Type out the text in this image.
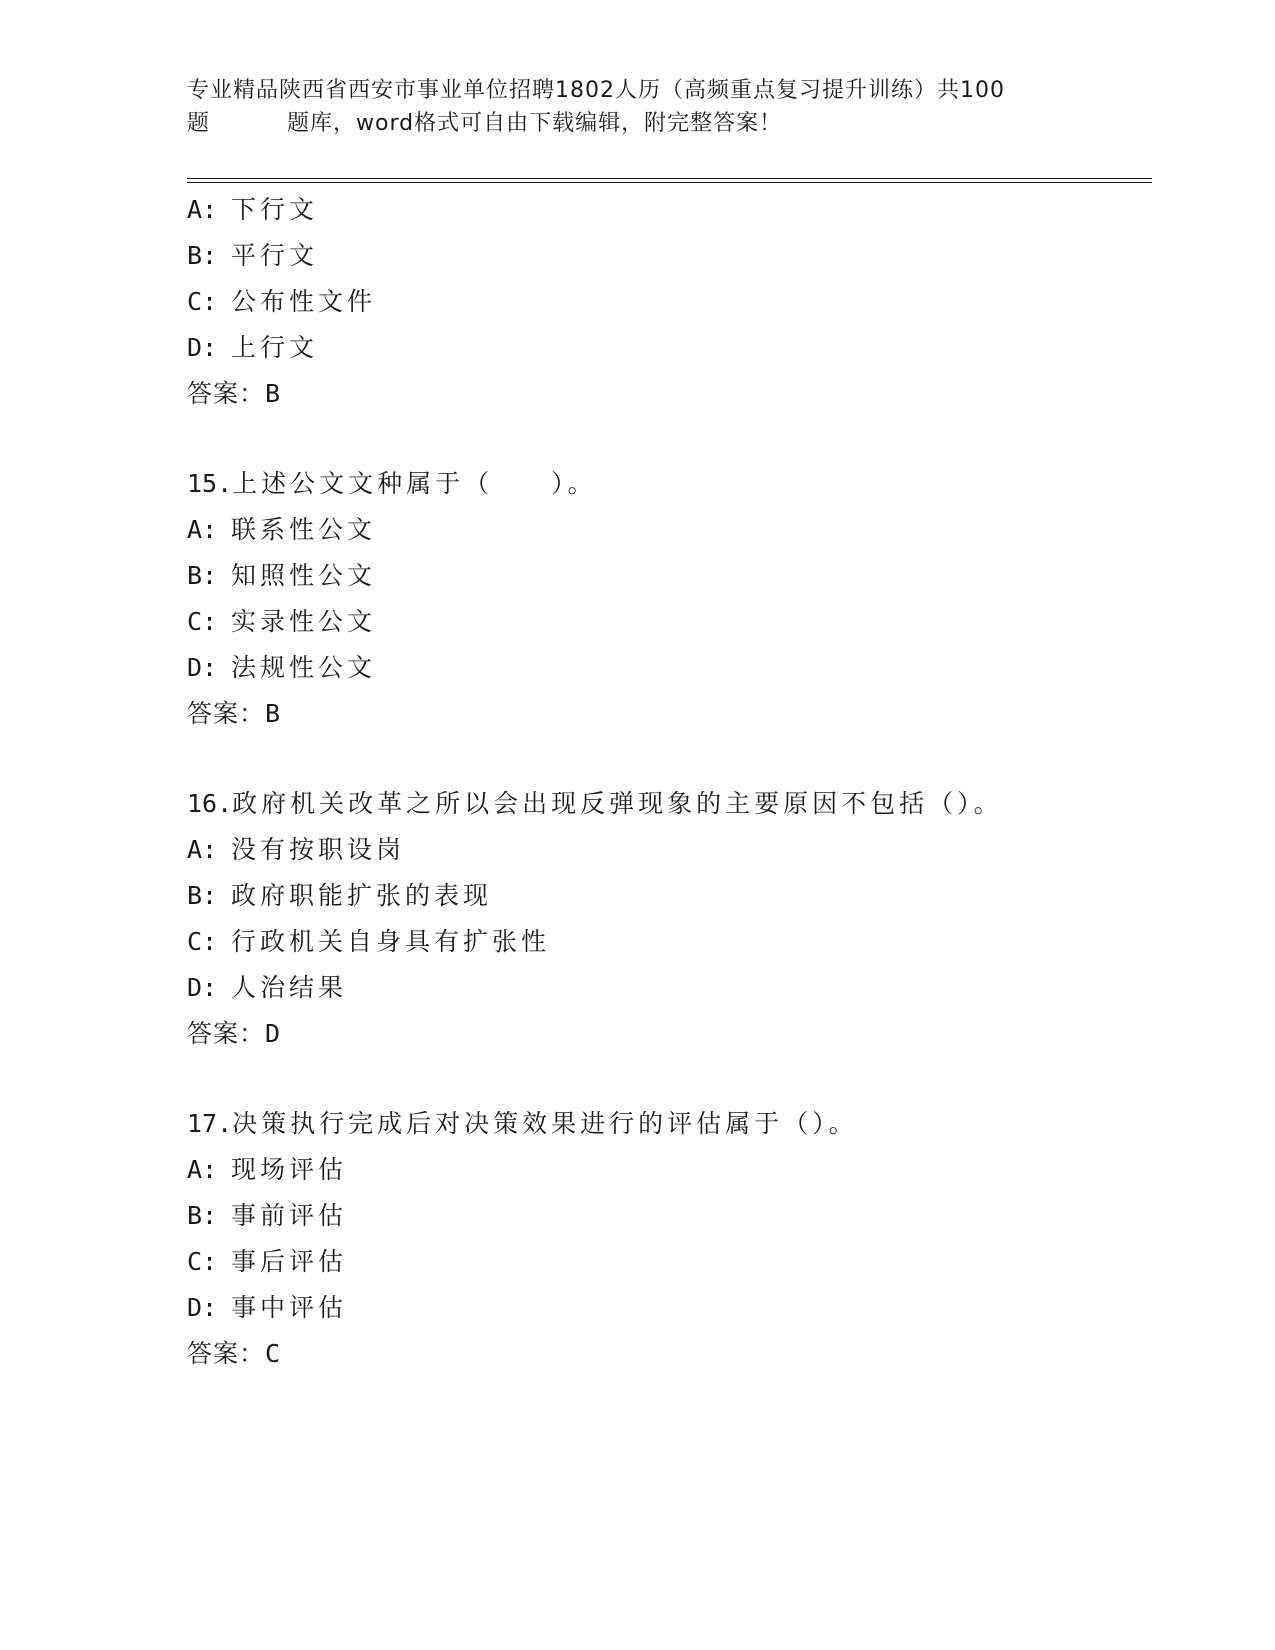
专业精品陕西省西安市事业单位招聘1802人历（高频重点复习提升训练）共100
题	题库，word格式可自由下载编辑，附完整答案！
A: 下行文
B: 平行文
C: 公布性文件
D: 上行文
答案：B
15.上述公文文种属于（　　）。
A: 联系性公文
B: 知照性公文
C: 实录性公文
D: 法规性公文
答案：B
16.政府机关改革之所以会出现反弹现象的主要原因不包括（）。
A: 没有按职设岗
B: 政府职能扩张的表现
C: 行政机关自身具有扩张性
D: 人治结果
答案：D
17.决策执行完成后对决策效果进行的评估属于（）。
A: 现场评估
B: 事前评估
C: 事后评估
D: 事中评估
答案：C
